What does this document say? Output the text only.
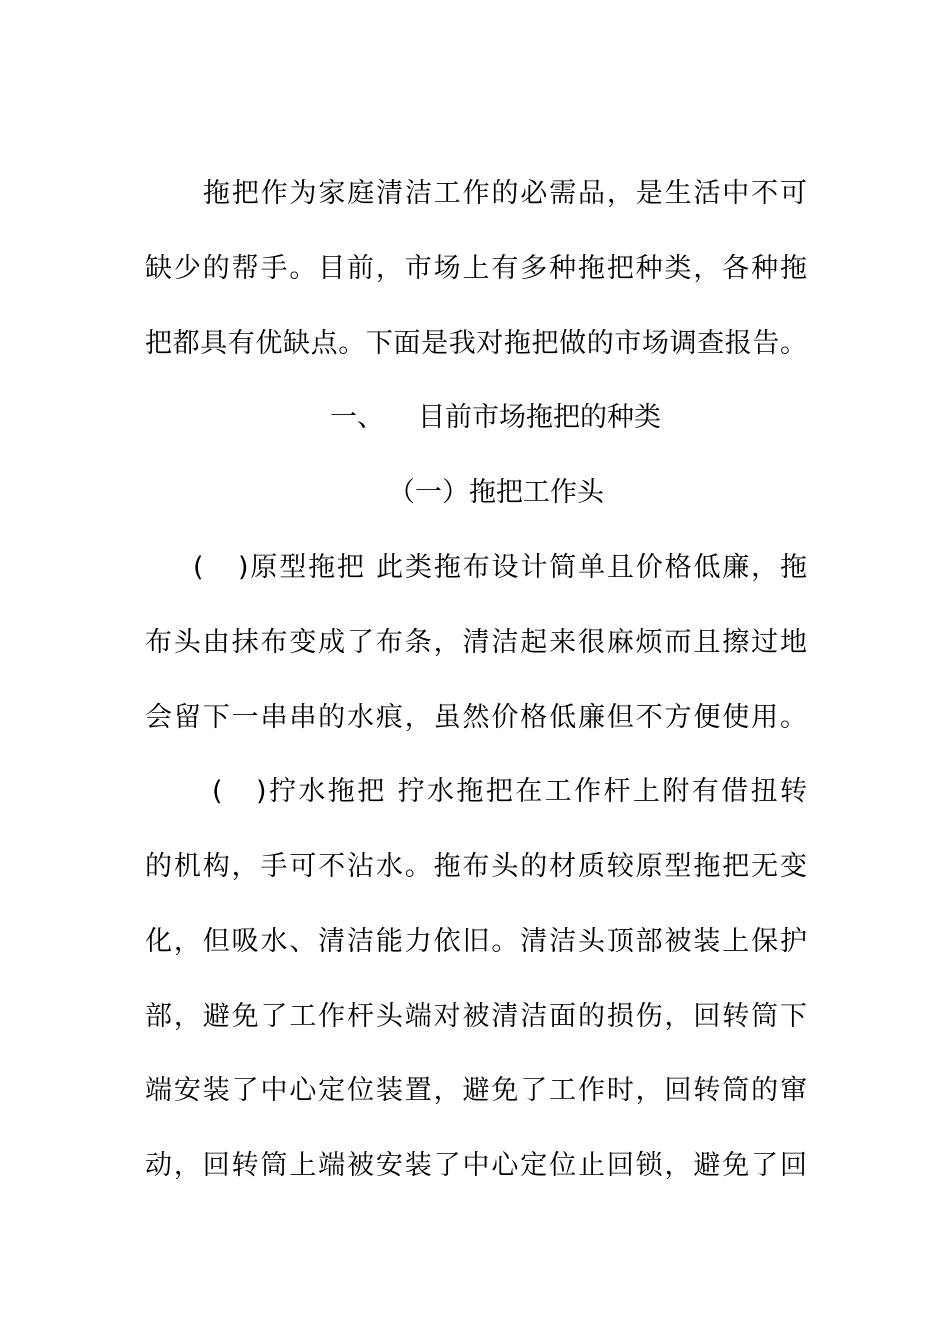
拖把作为家庭清洁工作的必需品，是生活中不可
缺少的帮手。目前，市场上有多种拖把种类，各种拖
把都具有优缺点。下面是我对拖把做的市场调查报告。
一、 目前市场拖把的种类
（一）拖把工作头
( )原型拖把 此类拖布设计简单且价格低廉，拖
布头由抹布变成了布条，清洁起来很麻烦而且擦过地
会留下一串串的水痕，虽然价格低廉但不方便使用。
( )拧水拖把 拧水拖把在工作杆上附有借扭转
的机构，手可不沾水。拖布头的材质较原型拖把无变
化，但吸水、清洁能力依旧。清洁头顶部被装上保护
部，避免了工作杆头端对被清洁面的损伤，回转筒下
端安装了中心定位装置，避免了工作时，回转筒的窜
动，回转筒上端被安装了中心定位止回锁，避免了回
